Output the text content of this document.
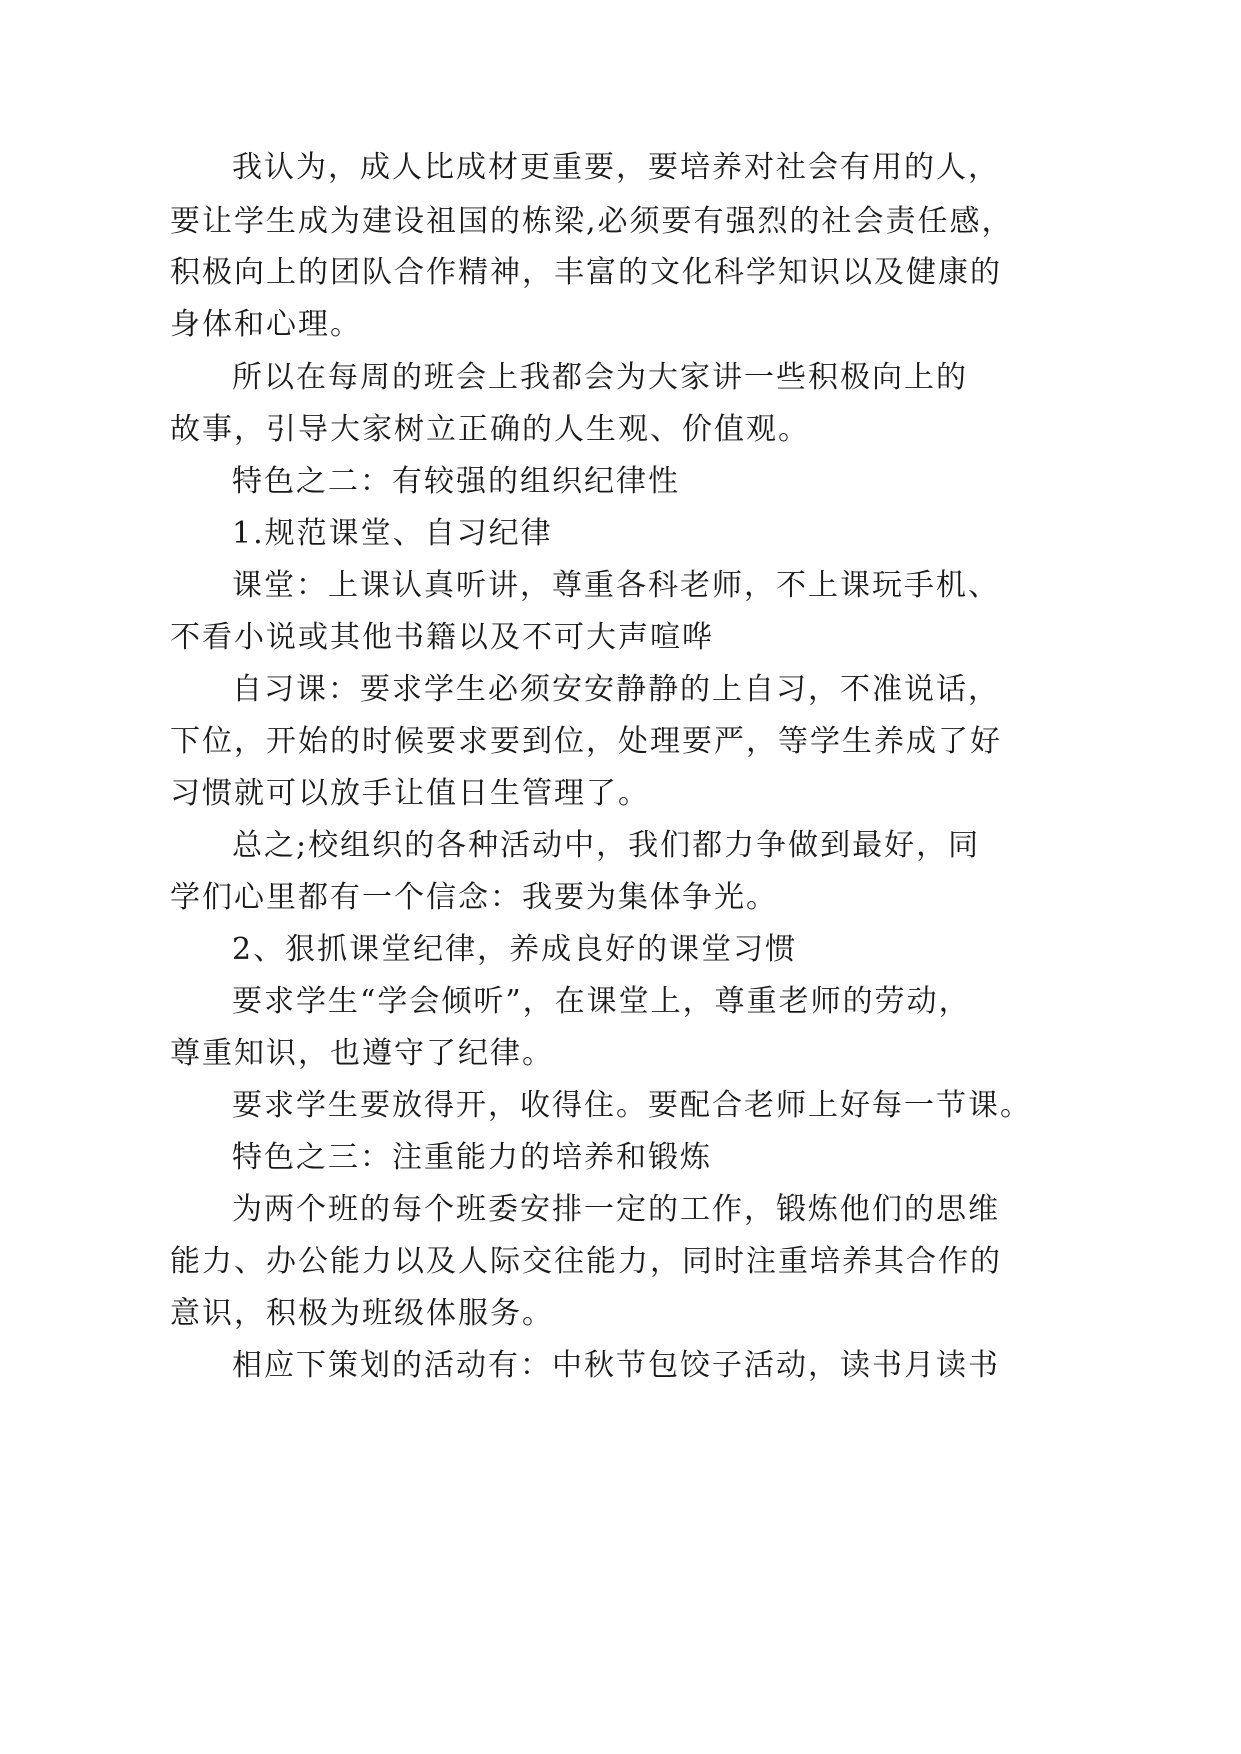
我认为，成人比成材更重要，要培养对社会有用的人，
要让学生成为建设祖国的栋梁,必须要有强烈的社会责任感，
积极向上的团队合作精神，丰富的文化科学知识以及健康的
身体和心理。
所以在每周的班会上我都会为大家讲一些积极向上的
故事，引导大家树立正确的人生观、价值观。
特色之二：有较强的组织纪律性
1.规范课堂、自习纪律
课堂：上课认真听讲，尊重各科老师，不上课玩手机、
不看小说或其他书籍以及不可大声喧哗
自习课：要求学生必须安安静静的上自习，不准说话，
下位，开始的时候要求要到位，处理要严，等学生养成了好
习惯就可以放手让值日生管理了。
总之;校组织的各种活动中，我们都力争做到最好，同
学们心里都有一个信念：我要为集体争光。
2、狠抓课堂纪律，养成良好的课堂习惯
要求学生“学会倾听”，在课堂上，尊重老师的劳动，
尊重知识，也遵守了纪律。
要求学生要放得开，收得住。要配合老师上好每一节课。
特色之三：注重能力的培养和锻炼
为两个班的每个班委安排一定的工作，锻炼他们的思维
能力、办公能力以及人际交往能力，同时注重培养其合作的
意识，积极为班级体服务。
相应下策划的活动有：中秋节包饺子活动，读书月读书
